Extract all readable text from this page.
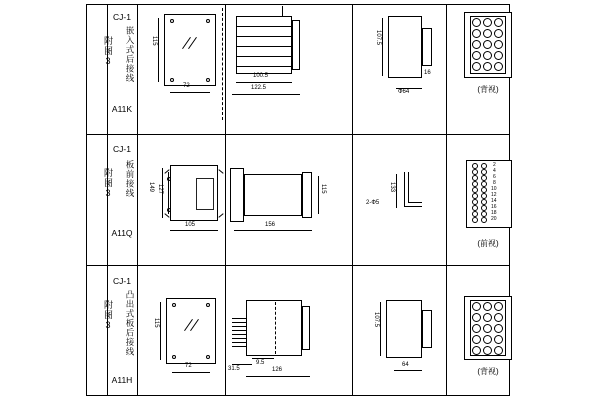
附图3
CJ-1
嵌入式后接线
A11K
115
72
100.5
122.5
107.5
16
Ф64	(背视)
附图3
CJ-1
板前接线
A11Q
149 127
105
115
156
133
2-Ф5
2
4
6
8
10
12
14
16
18
20
(前视)
附图3
CJ-1
凸出式板后接线
A11H
115
72	31.5
9.5
126
107.5
64
(背视)
